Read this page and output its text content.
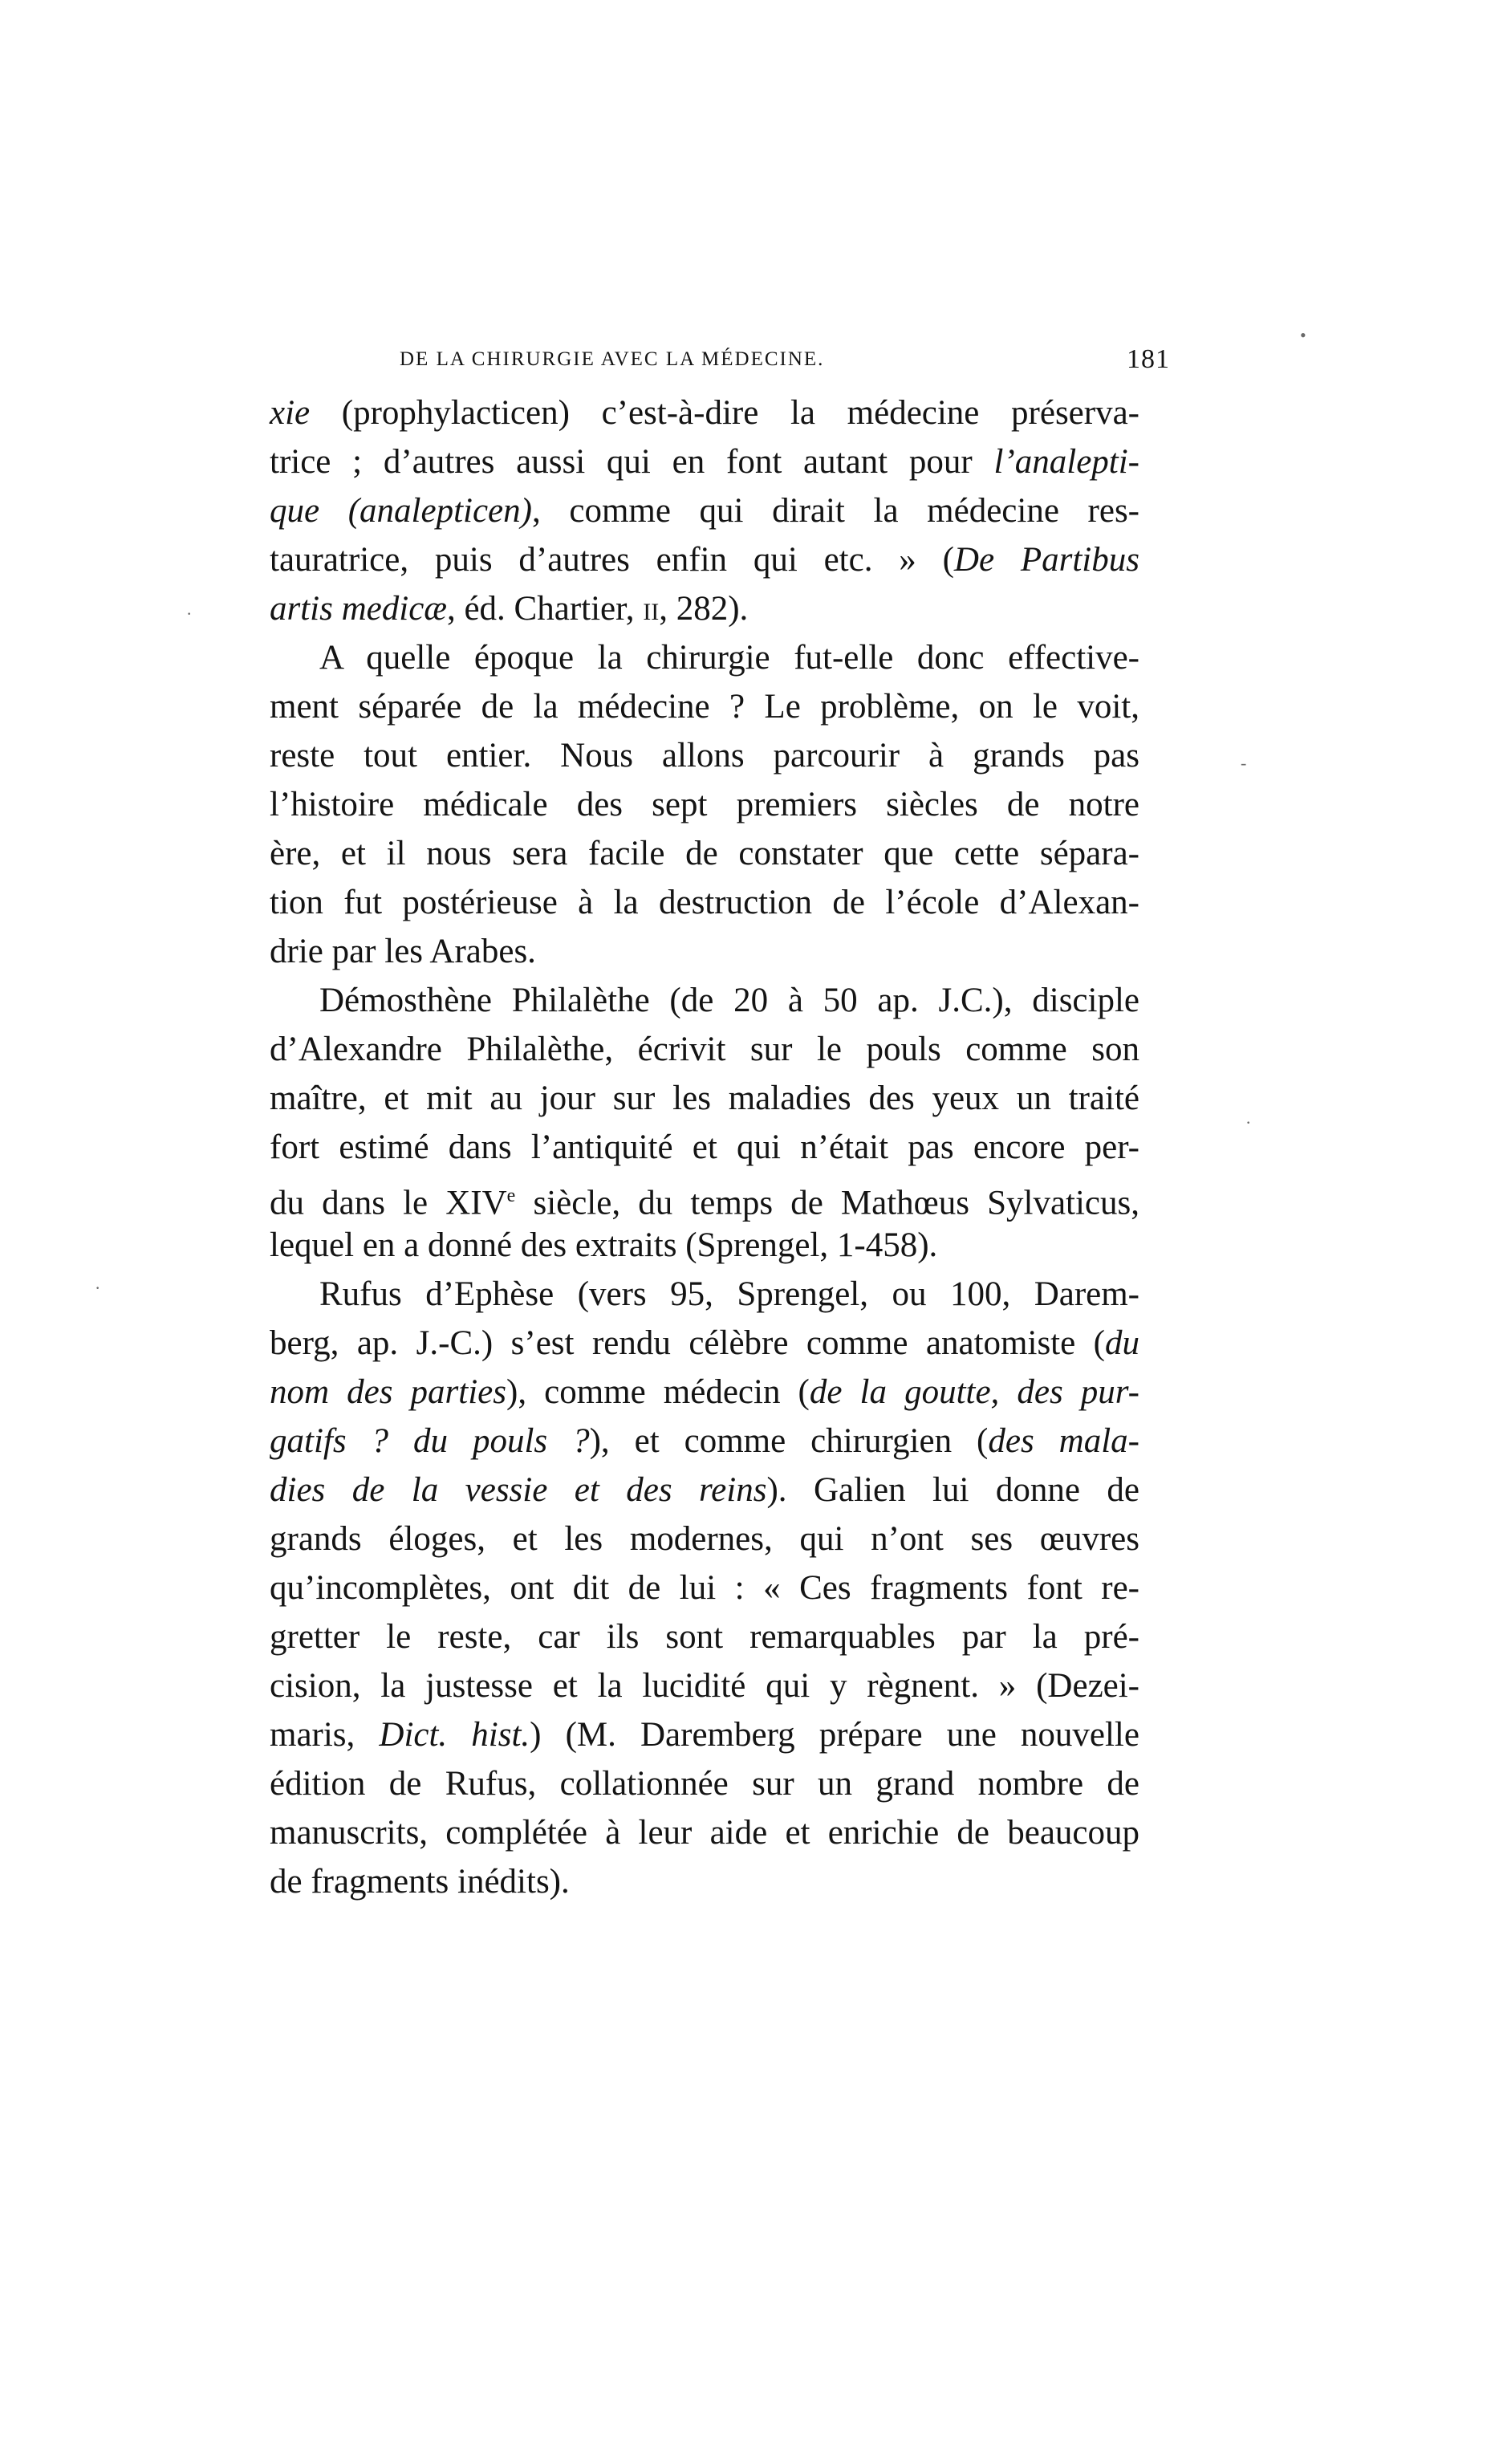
DE LA CHIRURGIE AVEC LA MÉDECINE.	181
xie (prophylacticen) c’est-à-dire la médecine préserva-
trice ; d’autres aussi qui en font autant pour l’analepti-
que (analepticen), comme qui dirait la médecine res-
tauratrice, puis d’autres enfin qui etc. » (De Partibus
artis medicæ, éd. Chartier, ii, 282).
A quelle époque la chirurgie fut-elle donc effective-
ment séparée de la médecine ? Le problème, on le voit,
reste tout entier. Nous allons parcourir à grands pas
l’histoire médicale des sept premiers siècles de notre
ère, et il nous sera facile de constater que cette sépara-
tion fut postérieuse à la destruction de l’école d’Alexan-
drie par les Arabes.
Démosthène Philalèthe (de 20 à 50 ap. J.C.), disciple
d’Alexandre Philalèthe, écrivit sur le pouls comme son
maître, et mit au jour sur les maladies des yeux un traité
fort estimé dans l’antiquité et qui n’était pas encore per-
du dans le XIVe siècle, du temps de Mathœus Sylvaticus,
lequel en a donné des extraits (Sprengel, 1-458).
Rufus d’Ephèse (vers 95, Sprengel, ou 100, Darem-
berg, ap. J.-C.) s’est rendu célèbre comme anatomiste (du
nom des parties), comme médecin (de la goutte, des pur-
gatifs ? du pouls ?), et comme chirurgien (des mala-
dies de la vessie et des reins). Galien lui donne de
grands éloges, et les modernes, qui n’ont ses œuvres
qu’incomplètes, ont dit de lui : « Ces fragments font re-
gretter le reste, car ils sont remarquables par la pré-
cision, la justesse et la lucidité qui y règnent. » (Dezei-
maris, Dict. hist.) (M. Daremberg prépare une nouvelle
édition de Rufus, collationnée sur un grand nombre de
manuscrits, complétée à leur aide et enrichie de beaucoup
de fragments inédits).
•
·
-
·
·
